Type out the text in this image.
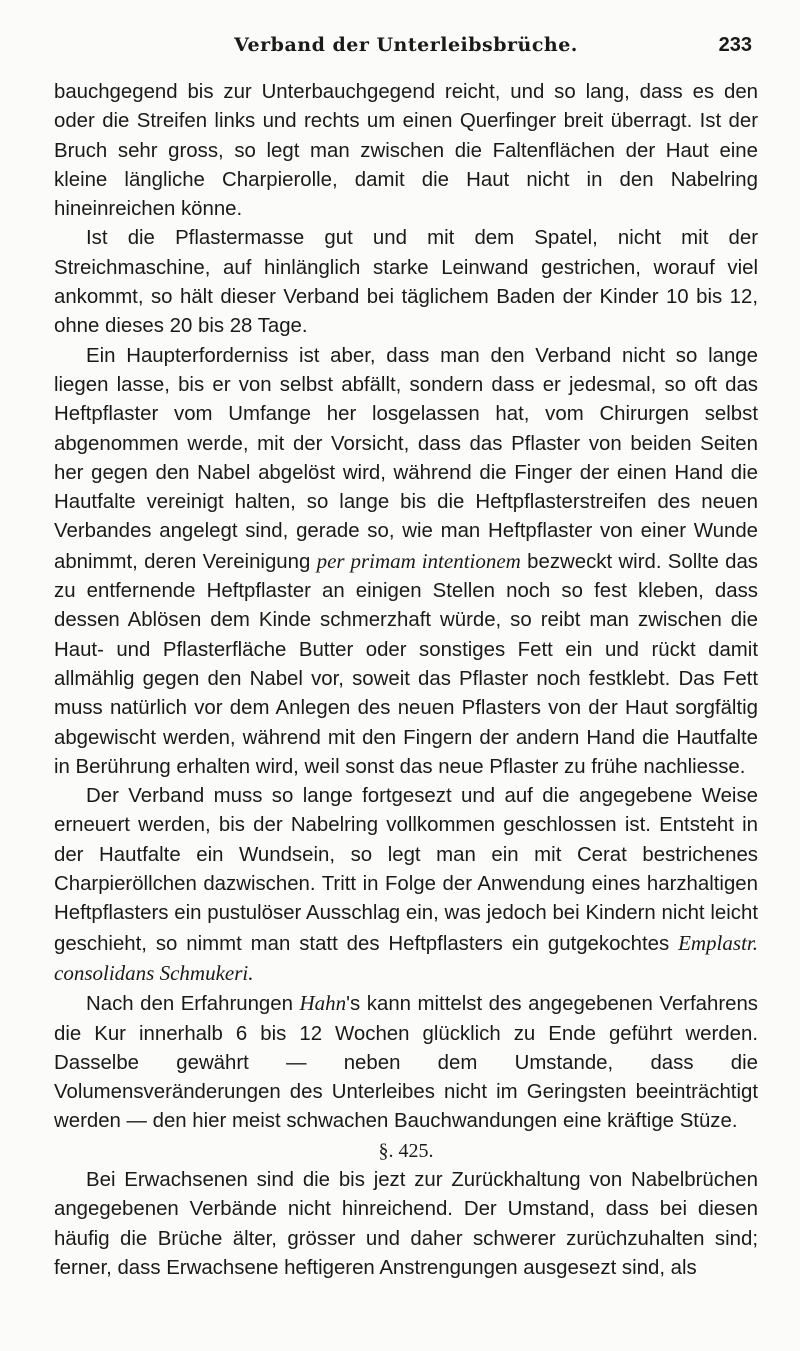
Verband der Unterleibsbrüche.	233

bauchgegend bis zur Unterbauchgegend reicht, und so lang, dass es den oder die Streifen links und rechts um einen Querfinger breit überragt. Ist der Bruch sehr gross, so legt man zwischen die Faltenflächen der Haut eine kleine längliche Charpierolle, damit die Haut nicht in den Nabelring hineinreichen könne.

Ist die Pflastermasse gut und mit dem Spatel, nicht mit der Streichmaschine, auf hinlänglich starke Leinwand gestrichen, worauf viel ankommt, so hält dieser Verband bei täglichem Baden der Kinder 10 bis 12, ohne dieses 20 bis 28 Tage.

Ein Haupterforderniss ist aber, dass man den Verband nicht so lange liegen lasse, bis er von selbst abfällt, sondern dass er jedesmal, so oft das Heftpflaster vom Umfange her losgelassen hat, vom Chirurgen selbst abgenommen werde, mit der Vorsicht, dass das Pflaster von beiden Seiten her gegen den Nabel abgelöst wird, während die Finger der einen Hand die Hautfalte vereinigt halten, so lange bis die Heftpflasterstreifen des neuen Verbandes angelegt sind, gerade so, wie man Heftpflaster von einer Wunde abnimmt, deren Vereinigung per primam intentionem bezweckt wird. Sollte das zu entfernende Heftpflaster an einigen Stellen noch so fest kleben, dass dessen Ablösen dem Kinde schmerzhaft würde, so reibt man zwischen die Haut- und Pflasterfläche Butter oder sonstiges Fett ein und rückt damit allmählig gegen den Nabel vor, soweit das Pflaster noch festklebt. Das Fett muss natürlich vor dem Anlegen des neuen Pflasters von der Haut sorgfältig abgewischt werden, während mit den Fingern der andern Hand die Hautfalte in Berührung erhalten wird, weil sonst das neue Pflaster zu frühe nachliesse.

Der Verband muss so lange fortgesezt und auf die angegebene Weise erneuert werden, bis der Nabelring vollkommen geschlossen ist. Entsteht in der Hautfalte ein Wundsein, so legt man ein mit Cerat bestrichenes Charpieröllchen dazwischen. Tritt in Folge der Anwendung eines harzhaltigen Heftpflasters ein pustulöser Ausschlag ein, was jedoch bei Kindern nicht leicht geschieht, so nimmt man statt des Heftpflasters ein gutgekochtes Emplastr. consolidans Schmukeri.

Nach den Erfahrungen Hahn's kann mittelst des angegebenen Verfahrens die Kur innerhalb 6 bis 12 Wochen glücklich zu Ende geführt werden. Dasselbe gewährt — neben dem Umstande, dass die Volumensveränderungen des Unterleibes nicht im Geringsten beeinträchtigt werden — den hier meist schwachen Bauchwandungen eine kräftige Stüze.

§. 425.

Bei Erwachsenen sind die bis jezt zur Zurückhaltung von Nabelbrüchen angegebenen Verbände nicht hinreichend. Der Umstand, dass bei diesen häufig die Brüche älter, grösser und daher schwerer zurüchzuhalten sind; ferner, dass Erwachsene heftigeren Anstrengungen ausgesezt sind, als
